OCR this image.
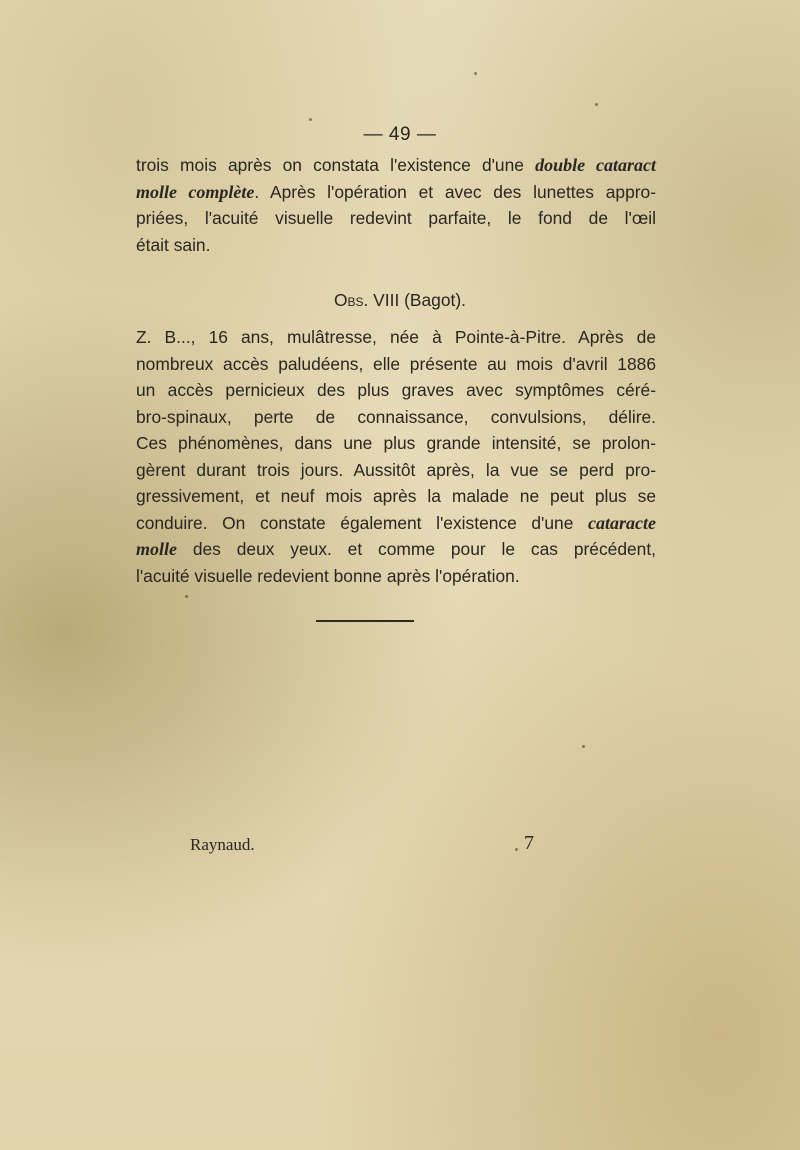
— 49 —
trois mois après on constata l'existence d'une double cataract
molle complète. Après l'opération et avec des lunettes appro-
priées, l'acuité visuelle redevint parfaite, le fond de l'œil
était sain.
Obs. VIII (Bagot).
Z. B..., 16 ans, mulâtresse, née à Pointe-à-Pitre. Après de
nombreux accès paludéens, elle présente au mois d'avril 1886
un accès pernicieux des plus graves avec symptômes céré-
bro-spinaux, perte de connaissance, convulsions, délire.
Ces phénomènes, dans une plus grande intensité, se prolon-
gèrent durant trois jours. Aussitôt après, la vue se perd pro-
gressivement, et neuf mois après la malade ne peut plus se
conduire. On constate également l'existence d'une cataracte
molle des deux yeux. et comme pour le cas précédent,
l'acuité visuelle redevient bonne après l'opération.
Raynaud.	7
